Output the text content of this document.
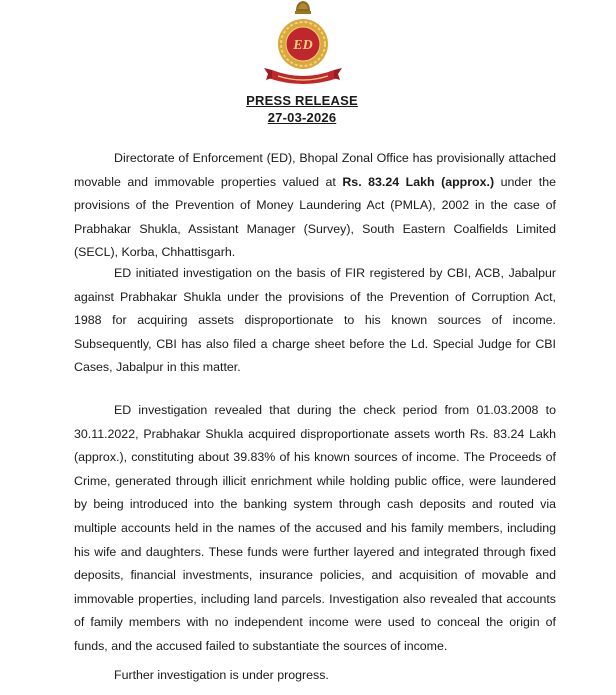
ED
PRESS RELEASE
27-03-2026

Directorate of Enforcement (ED), Bhopal Zonal Office has provisionally attached movable and immovable properties valued at Rs. 83.24 Lakh (approx.) under the provisions of the Prevention of Money Laundering Act (PMLA), 2002 in the case of Prabhakar Shukla, Assistant Manager (Survey), South Eastern Coalfields Limited (SECL), Korba, Chhattisgarh.

ED initiated investigation on the basis of FIR registered by CBI, ACB, Jabalpur against Prabhakar Shukla under the provisions of the Prevention of Corruption Act, 1988 for acquiring assets disproportionate to his known sources of income. Subsequently, CBI has also filed a charge sheet before the Ld. Special Judge for CBI Cases, Jabalpur in this matter.

ED investigation revealed that during the check period from 01.03.2008 to 30.11.2022, Prabhakar Shukla acquired disproportionate assets worth Rs. 83.24 Lakh (approx.), constituting about 39.83% of his known sources of income. The Proceeds of Crime, generated through illicit enrichment while holding public office, were laundered by being introduced into the banking system through cash deposits and routed via multiple accounts held in the names of the accused and his family members, including his wife and daughters. These funds were further layered and integrated through fixed deposits, financial investments, insurance policies, and acquisition of movable and immovable properties, including land parcels. Investigation also revealed that accounts of family members with no independent income were used to conceal the origin of funds, and the accused failed to substantiate the sources of income.

Further investigation is under progress.
